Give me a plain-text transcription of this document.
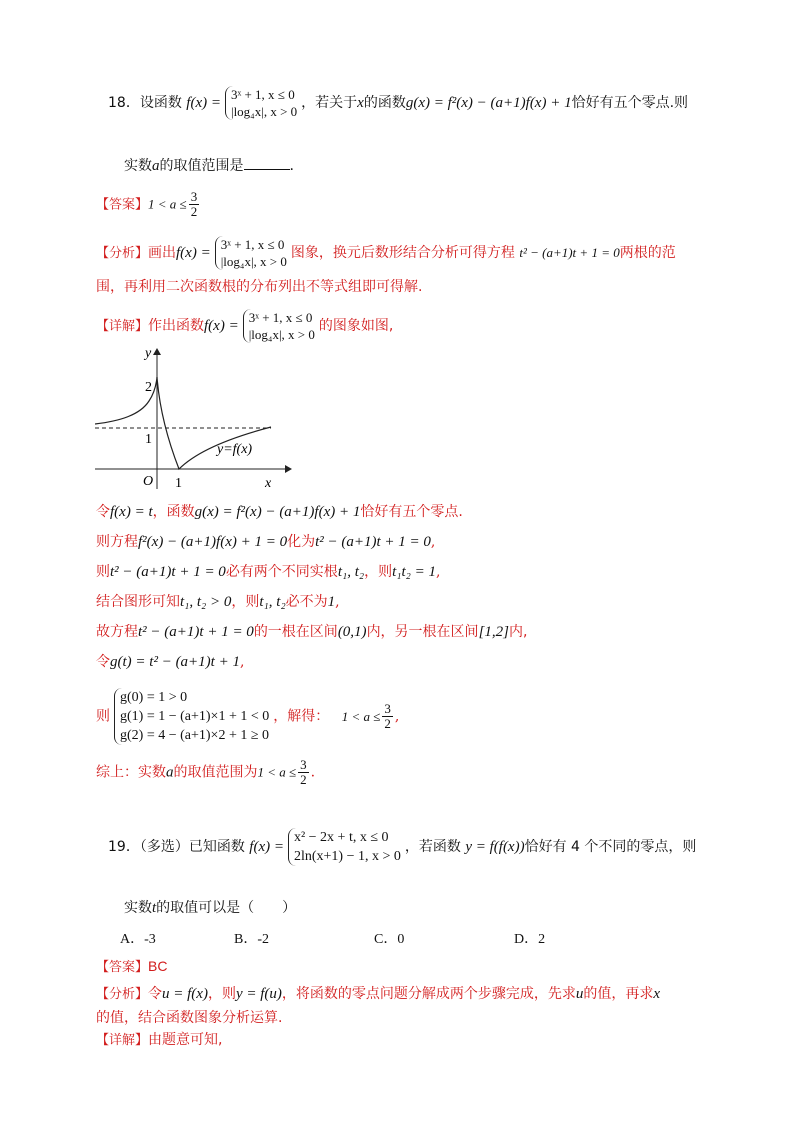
18．设函数 f(x) =3ˣ + 1, x ≤ 0
|log₄x|, x > 0，若关于x的函数g(x) = f²(x) − (a+1)f(x) + 1恰好有五个零点.则
实数a的取值范围是	.
【答案】$1 < a \le \frac{3}{2}$
【分析】画出f(x) =3ˣ + 1, x ≤ 0
|log₄x|, x > 0图象，换元后数形结合分析可得方程 t² − (a+1)t + 1 = 0两根的范
围，再利用二次函数根的分布列出不等式组即可得解.
【详解】作出函数f(x) =3ˣ + 1, x ≤ 0
|log₄x|, x > 0的图象如图,
y
x
O
2
1
1
y=f(x)
令f(x) = t，函数g(x) = f²(x) − (a+1)f(x) + 1恰好有五个零点.
则方程f²(x) − (a+1)f(x) + 1 = 0化为t² − (a+1)t + 1 = 0,
则t² − (a+1)t + 1 = 0必有两个不同实根t₁, t₂，则t₁t₂ = 1,
结合图形可知t₁, t₂ > 0，则t₁, t₂必不为1,
故方程t² − (a+1)t + 1 = 0的一根在区间(0,1)内，另一根在区间[1,2]内,
令g(t) = t² − (a+1)t + 1,
则g(0) = 1 > 0
g(1) = 1 − (a+1)×1 + 1 < 0
g(2) = 4 − (a+1)×2 + 1 ≥ 0，解得： $1 < a \le \frac{3}{2}$ ,
综上：实数a的取值范围为$1 < a \le \frac{3}{2}$ .
19．（多选）已知函数 f(x) =x² − 2x + t, x ≤ 0
2ln(x+1) − 1, x > 0，若函数 y = f(f(x))恰好有 4 个不同的零点，则
实数t的取值可以是（　　）
A．-3	B．-2	C．0	D．2
【答案】BC
【分析】令u = f(x)，则y = f(u)，将函数的零点问题分解成两个步骤完成，先求u的值，再求x
的值，结合函数图象分析运算.
【详解】由题意可知,
